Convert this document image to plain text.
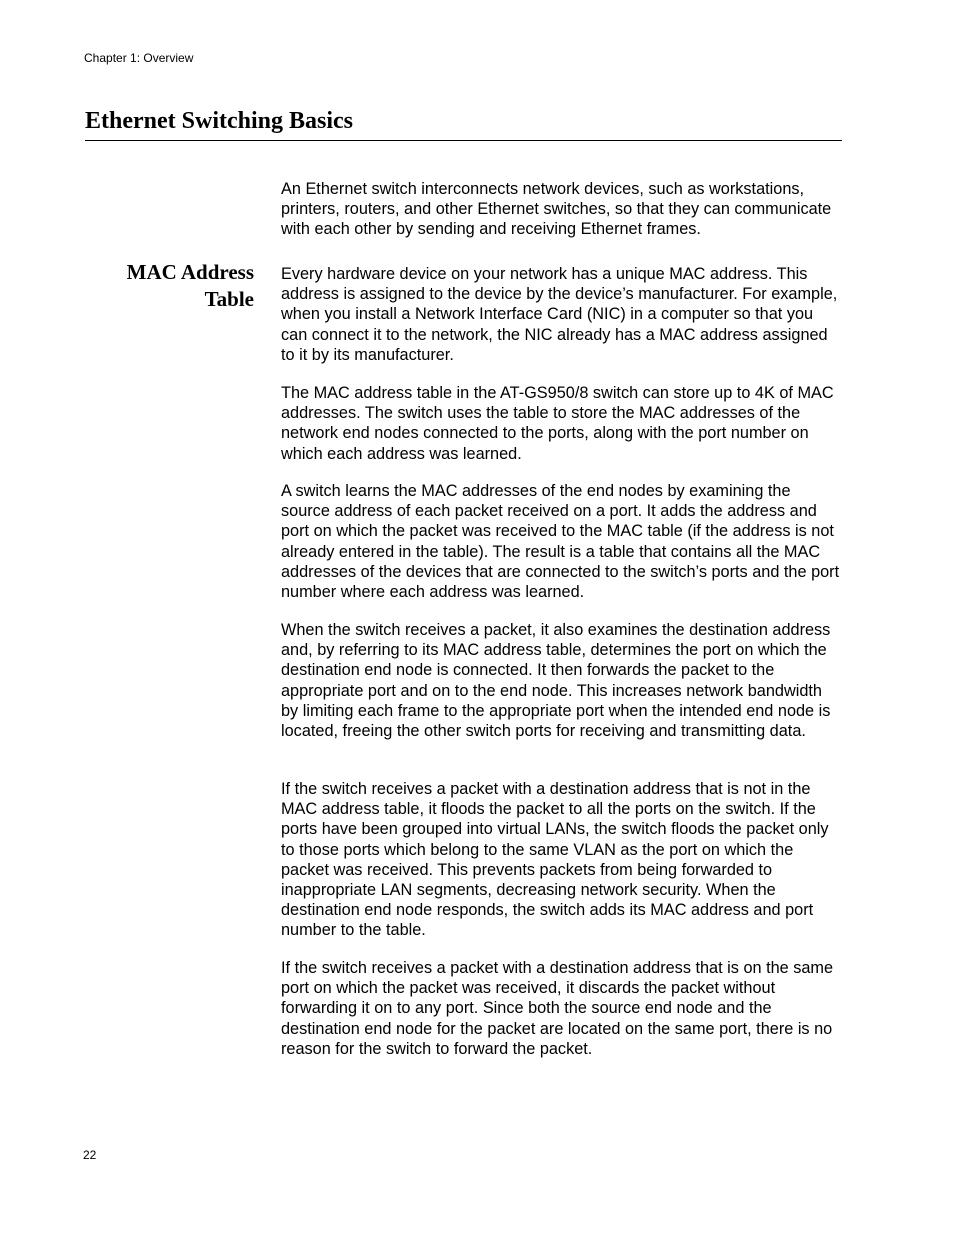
Chapter 1: Overview

Ethernet Switching Basics

An Ethernet switch interconnects network devices, such as workstations, printers, routers, and other Ethernet switches, so that they can communicate with each other by sending and receiving Ethernet frames.

MAC Address
Table

Every hardware device on your network has a unique MAC address. This address is assigned to the device by the device’s manufacturer. For example, when you install a Network Interface Card (NIC) in a computer so that you can connect it to the network, the NIC already has a MAC address assigned to it by its manufacturer.

The MAC address table in the AT-GS950/8 switch can store up to 4K of MAC addresses. The switch uses the table to store the MAC addresses of the network end nodes connected to the ports, along with the port number on which each address was learned.

A switch learns the MAC addresses of the end nodes by examining the source address of each packet received on a port. It adds the address and port on which the packet was received to the MAC table (if the address is not already entered in the table). The result is a table that contains all the MAC addresses of the devices that are connected to the switch’s ports and the port number where each address was learned.

When the switch receives a packet, it also examines the destination address and, by referring to its MAC address table, determines the port on which the destination end node is connected. It then forwards the packet to the appropriate port and on to the end node. This increases network bandwidth by limiting each frame to the appropriate port when the intended end node is located, freeing the other switch ports for receiving and transmitting data.

If the switch receives a packet with a destination address that is not in the MAC address table, it floods the packet to all the ports on the switch. If the ports have been grouped into virtual LANs, the switch floods the packet only to those ports which belong to the same VLAN as the port on which the packet was received. This prevents packets from being forwarded to inappropriate LAN segments, decreasing network security. When the destination end node responds, the switch adds its MAC address and port number to the table.

If the switch receives a packet with a destination address that is on the same port on which the packet was received, it discards the packet without forwarding it on to any port. Since both the source end node and the destination end node for the packet are located on the same port, there is no reason for the switch to forward the packet.

22
